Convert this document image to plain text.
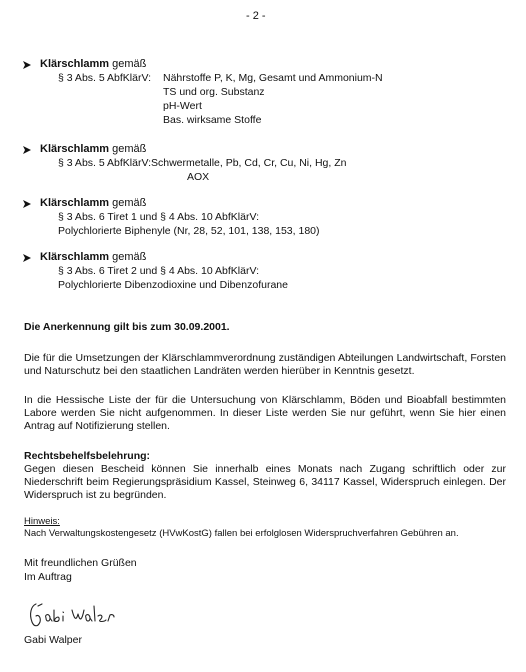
- 2 -
Klärschlamm gemäß
§ 3 Abs. 5 AbfKlärV: Nährstoffe P, K, Mg, Gesamt und Ammonium-N
TS und org. Substanz
pH-Wert
Bas. wirksame Stoffe
Klärschlamm gemäß
§ 3 Abs. 5 AbfKlärV:Schwermetalle, Pb, Cd, Cr, Cu, Ni, Hg, Zn
AOX
Klärschlamm gemäß
§ 3 Abs. 6 Tiret 1 und § 4 Abs. 10 AbfKlärV:
Polychlorierte Biphenyle (Nr, 28, 52, 101, 138, 153, 180)
Klärschlamm gemäß
§ 3 Abs. 6 Tiret 2 und § 4 Abs. 10 AbfKlärV:
Polychlorierte Dibenzodioxine und Dibenzofurane
Die Anerkennung gilt bis zum 30.09.2001.
Die für die Umsetzungen der Klärschlammverordnung zuständigen Abteilungen Landwirtschaft, Forsten und Naturschutz bei den staatlichen Landräten werden hierüber in Kenntnis gesetzt.
In die Hessische Liste der für die Untersuchung von Klärschlamm, Böden und Bioabfall bestimmten Labore werden Sie nicht aufgenommen. In dieser Liste werden Sie nur geführt, wenn Sie hier einen Antrag auf Notifizierung stellen.
Rechtsbehelfsbelehrung:
Gegen diesen Bescheid können Sie innerhalb eines Monats nach Zugang schriftlich oder zur Niederschrift beim Regierungspräsidium Kassel, Steinweg 6, 34117 Kassel, Widerspruch einlegen. Der Widerspruch ist zu begründen.
Hinweis:
Nach Verwaltungskostengesetz (HVwKostG) fallen bei erfolglosen Widerspruchverfahren Gebühren an.
Mit freundlichen Grüßen
Im Auftrag
Gabi Walper
